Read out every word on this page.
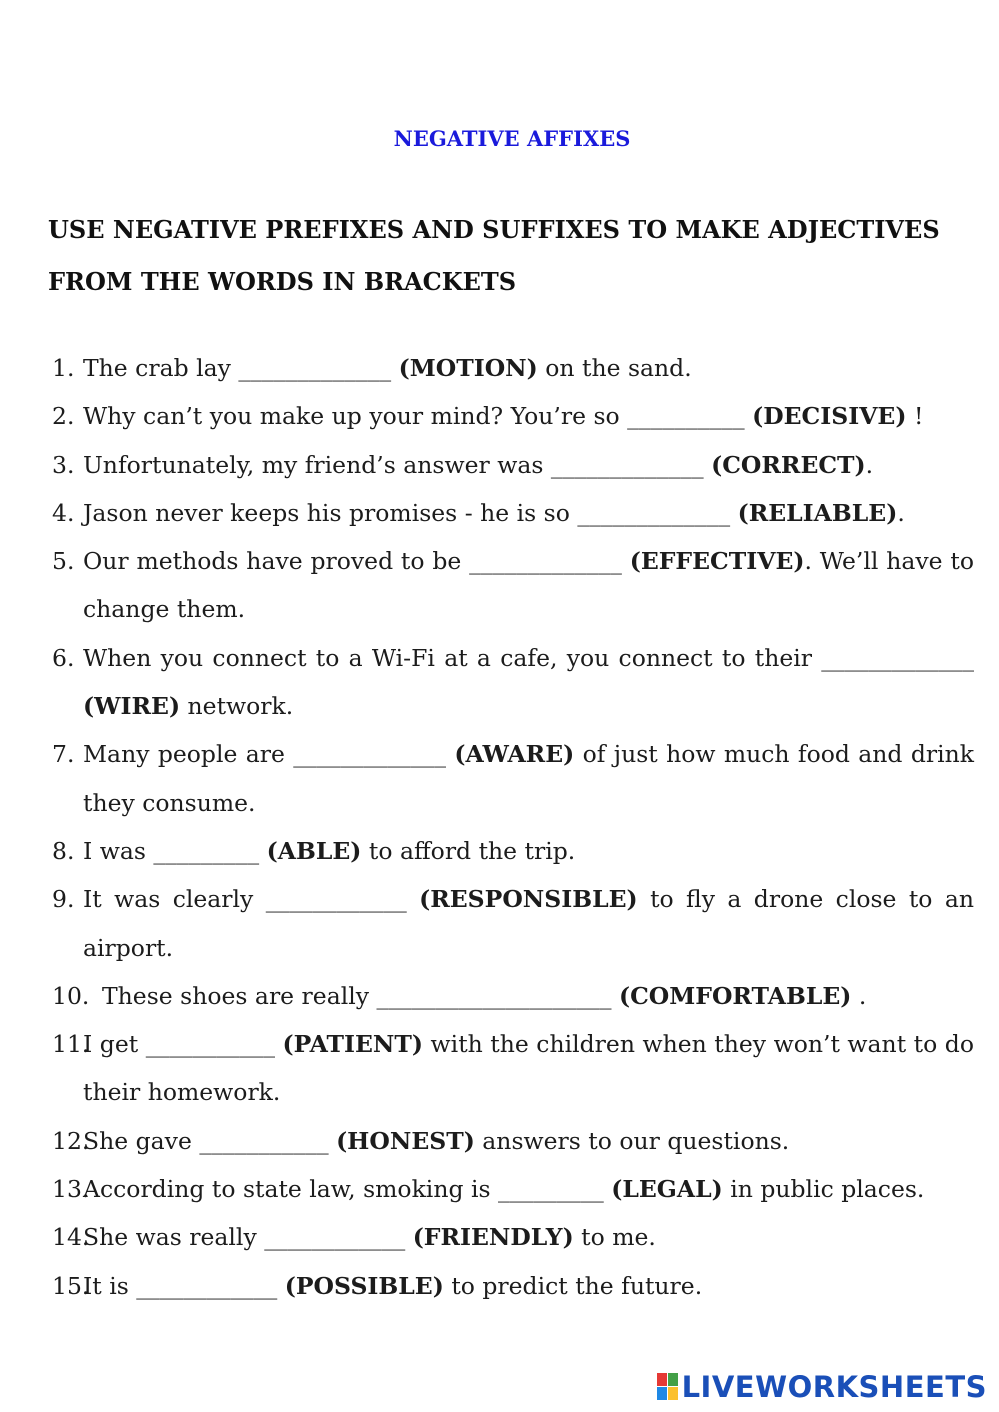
NEGATIVE AFFIXES
USE NEGATIVE PREFIXES AND SUFFIXES TO MAKE ADJECTIVES FROM THE WORDS IN BRACKETS
1. The crab lay _____________ (MOTION) on the sand.
2. Why can’t you make up your mind? You’re so __________ (DECISIVE) !
3. Unfortunately, my friend’s answer was _____________ (CORRECT).
4. Jason never keeps his promises - he is so _____________ (RELIABLE).
5. Our methods have proved to be _____________ (EFFECTIVE). We’ll have to change them.
6. When you connect to a Wi-Fi at a cafe, you connect to their _____________ (WIRE) network.
7. Many people are _____________ (AWARE) of just how much food and drink they consume.
8. I was _________ (ABLE) to afford the trip.
9. It was clearly ____________ (RESPONSIBLE) to fly a drone close to an airport.
10. These shoes are really ____________________ (COMFORTABLE) .
11.
I get ___________ (PATIENT) with the children when they won’t want to do their homework.
12.
She gave ___________ (HONEST) answers to our questions.
13.
According to state law, smoking is _________ (LEGAL) in public places.
14.
She was really ____________ (FRIENDLY) to me.
15.
It is ____________ (POSSIBLE) to predict the future.
LIVEWORKSHEETS
